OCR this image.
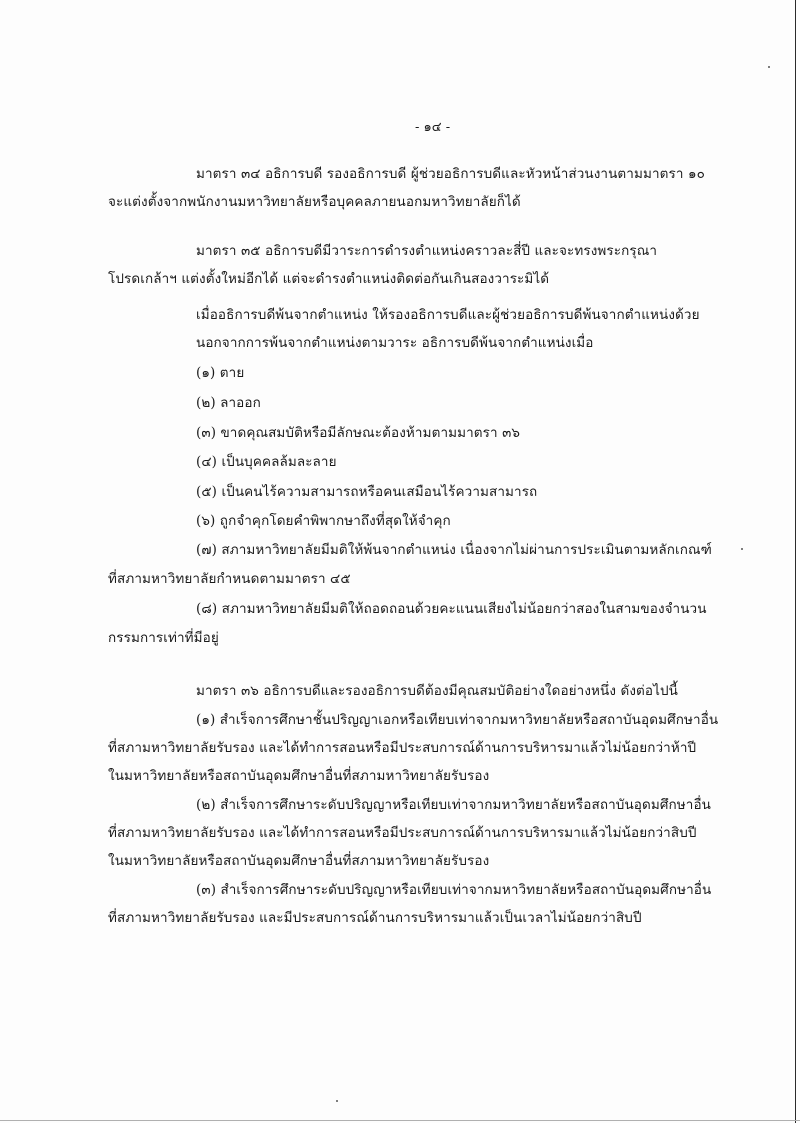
- ๑๔ -
มาตรา ๓๔ อธิการบดี รองอธิการบดี ผู้ช่วยอธิการบดีและหัวหน้าส่วนงานตามมาตรา ๑๐
จะแต่งตั้งจากพนักงานมหาวิทยาลัยหรือบุคคลภายนอกมหาวิทยาลัยก็ได้
มาตรา ๓๕ อธิการบดีมีวาระการดำรงตำแหน่งคราวละสี่ปี และจะทรงพระกรุณา
โปรดเกล้าฯ แต่งตั้งใหม่อีกได้ แต่จะดำรงตำแหน่งติดต่อกันเกินสองวาระมิได้
เมื่ออธิการบดีพ้นจากตำแหน่ง ให้รองอธิการบดีและผู้ช่วยอธิการบดีพ้นจากตำแหน่งด้วย
นอกจากการพ้นจากตำแหน่งตามวาระ อธิการบดีพ้นจากตำแหน่งเมื่อ
(๑) ตาย
(๒) ลาออก
(๓) ขาดคุณสมบัติหรือมีลักษณะต้องห้ามตามมาตรา ๓๖
(๔) เป็นบุคคลล้มละลาย
(๕) เป็นคนไร้ความสามารถหรือคนเสมือนไร้ความสามารถ
(๖) ถูกจำคุกโดยคำพิพากษาถึงที่สุดให้จำคุก
(๗) สภามหาวิทยาลัยมีมติให้พ้นจากตำแหน่ง เนื่องจากไม่ผ่านการประเมินตามหลักเกณฑ์
ที่สภามหาวิทยาลัยกำหนดตามมาตรา ๔๕
(๘) สภามหาวิทยาลัยมีมติให้ถอดถอนด้วยคะแนนเสียงไม่น้อยกว่าสองในสามของจำนวน
กรรมการเท่าที่มีอยู่
มาตรา ๓๖ อธิการบดีและรองอธิการบดีต้องมีคุณสมบัติอย่างใดอย่างหนึ่ง ดังต่อไปนี้
(๑) สำเร็จการศึกษาชั้นปริญญาเอกหรือเทียบเท่าจากมหาวิทยาลัยหรือสถาบันอุดมศึกษาอื่น
ที่สภามหาวิทยาลัยรับรอง และได้ทำการสอนหรือมีประสบการณ์ด้านการบริหารมาแล้วไม่น้อยกว่าห้าปี
ในมหาวิทยาลัยหรือสถาบันอุดมศึกษาอื่นที่สภามหาวิทยาลัยรับรอง
(๒) สำเร็จการศึกษาระดับปริญญาหรือเทียบเท่าจากมหาวิทยาลัยหรือสถาบันอุดมศึกษาอื่น
ที่สภามหาวิทยาลัยรับรอง และได้ทำการสอนหรือมีประสบการณ์ด้านการบริหารมาแล้วไม่น้อยกว่าสิบปี
ในมหาวิทยาลัยหรือสถาบันอุดมศึกษาอื่นที่สภามหาวิทยาลัยรับรอง
(๓) สำเร็จการศึกษาระดับปริญญาหรือเทียบเท่าจากมหาวิทยาลัยหรือสถาบันอุดมศึกษาอื่น
ที่สภามหาวิทยาลัยรับรอง และมีประสบการณ์ด้านการบริหารมาแล้วเป็นเวลาไม่น้อยกว่าสิบปี
